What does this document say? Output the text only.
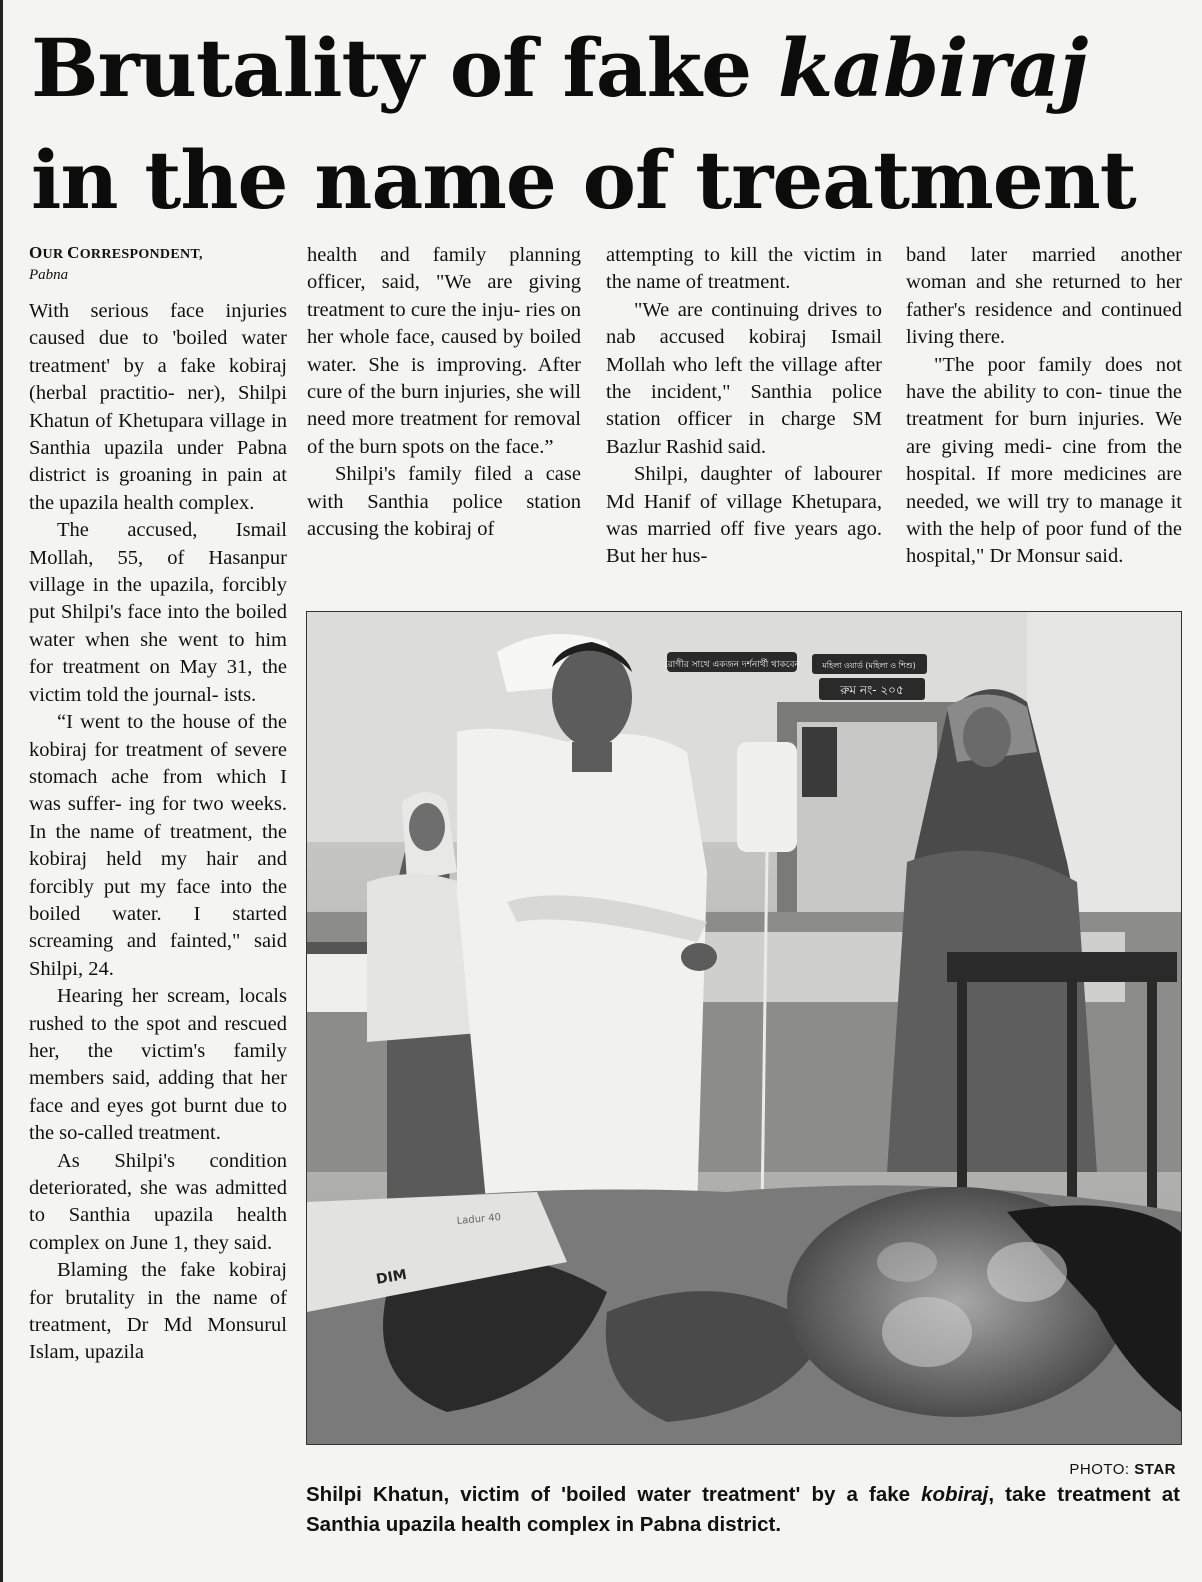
Brutality of fake kabiraj in the name of treatment
OUR CORRESPONDENT,
Pabna

With serious face injuries caused due to 'boiled water treatment' by a fake kobiraj (herbal practitio- ner), Shilpi Khatun of Khetupara village in Santhia upazila under Pabna district is groaning in pain at the upazila health complex.

The accused, Ismail Mollah, 55, of Hasanpur village in the upazila, forcibly put Shilpi's face into the boiled water when she went to him for treatment on May 31, the victim told the journal- ists.

“I went to the house of the kobiraj for treatment of severe stomach ache from which I was suffer- ing for two weeks. In the name of treatment, the kobiraj held my hair and forcibly put my face into the boiled water. I started screaming and fainted," said Shilpi, 24.

Hearing her scream, locals rushed to the spot and rescued her, the victim's family members said, adding that her face and eyes got burnt due to the so-called treatment.

As Shilpi's condition deteriorated, she was admitted to Santhia upazila health complex on June 1, they said.

Blaming the fake kobiraj for brutality in the name of treatment, Dr Md Monsurul Islam, upazila

health and family planning officer, said, "We are giving treatment to cure the inju- ries on her whole face, caused by boiled water. She is improving. After cure of the burn injuries, she will need more treatment for removal of the burn spots on the face.”

Shilpi's family filed a case with Santhia police station accusing the kobiraj of

attempting to kill the victim in the name of treatment.

"We are continuing drives to nab accused kobiraj Ismail Mollah who left the village after the incident," Santhia police station officer in charge SM Bazlur Rashid said.

Shilpi, daughter of labourer Md Hanif of village Khetupara, was married off five years ago. But her hus-

band later married another woman and she returned to her father's residence and continued living there.

"The poor family does not have the ability to con- tinue the treatment for burn injuries. We are giving medi- cine from the hospital. If more medicines are needed, we will try to manage it with the help of poor fund of the hospital," Dr Monsur said.

রোগীর সাথে একজন দর্শনার্থী থাকবেন	মহিলা ওয়ার্ড (মহিলা ও শিশু)
রুম নং- ২০৫
DIM
Ladur 40
PHOTO: STAR
Shilpi Khatun, victim of 'boiled water treatment' by a fake kobiraj, take treatment at Santhia upazila health complex in Pabna district.
